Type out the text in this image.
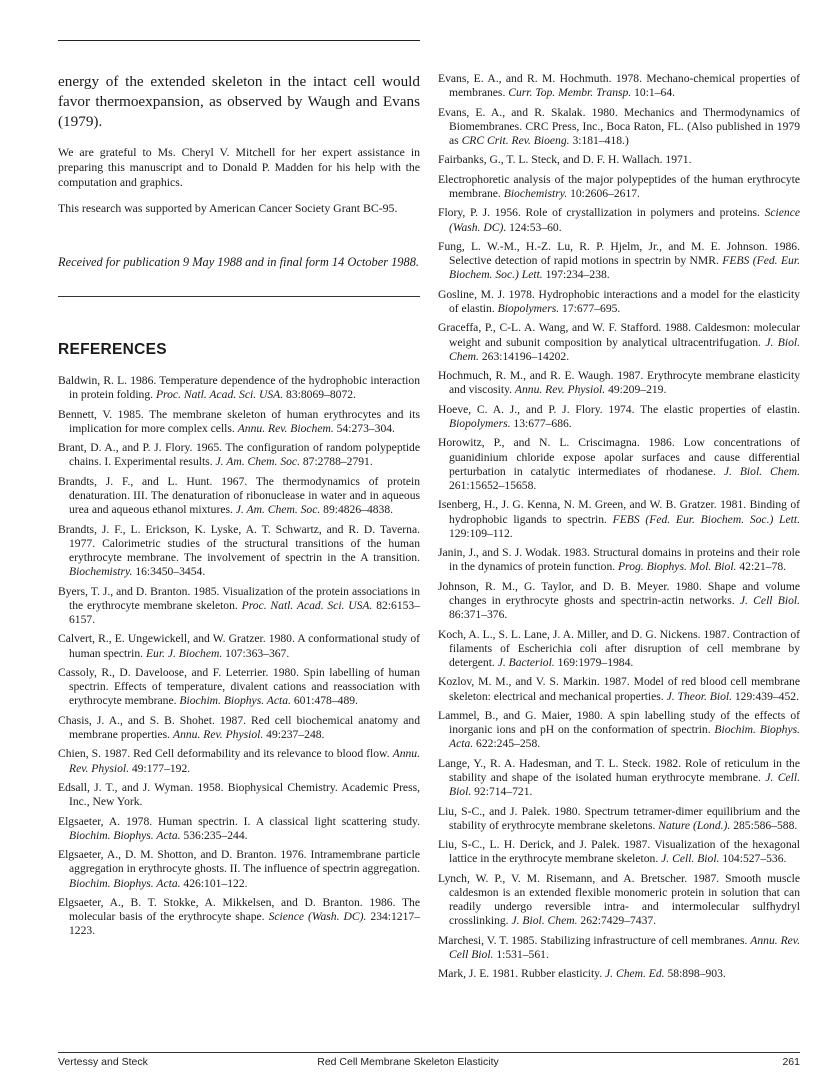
energy of the extended skeleton in the intact cell would favor thermoexpansion, as observed by Waugh and Evans (1979).

We are grateful to Ms. Cheryl V. Mitchell for her expert assistance in preparing this manuscript and to Donald P. Madden for his help with the computation and graphics.

This research was supported by American Cancer Society Grant BC-95.

Received for publication 9 May 1988 and in final form 14 October 1988.

REFERENCES
Baldwin, R. L. 1986. Temperature dependence of the hydrophobic interaction in protein folding. Proc. Natl. Acad. Sci. USA. 83:8069–8072.
Bennett, V. 1985. The membrane skeleton of human erythrocytes and its implication for more complex cells. Annu. Rev. Biochem. 54:273–304.
Brant, D. A., and P. J. Flory. 1965. The configuration of random polypeptide chains. I. Experimental results. J. Am. Chem. Soc. 87:2788–2791.
Brandts, J. F., and L. Hunt. 1967. The thermodynamics of protein denaturation. III. The denaturation of ribonuclease in water and in aqueous urea and aqueous ethanol mixtures. J. Am. Chem. Soc. 89:4826–4838.
Brandts, J. F., L. Erickson, K. Lyske, A. T. Schwartz, and R. D. Taverna. 1977. Calorimetric studies of the structural transitions of the human erythrocyte membrane. The involvement of spectrin in the A transition. Biochemistry. 16:3450–3454.
Byers, T. J., and D. Branton. 1985. Visualization of the protein associations in the erythrocyte membrane skeleton. Proc. Natl. Acad. Sci. USA. 82:6153–6157.
Calvert, R., E. Ungewickell, and W. Gratzer. 1980. A conformational study of human spectrin. Eur. J. Biochem. 107:363–367.
Cassoly, R., D. Daveloose, and F. Leterrier. 1980. Spin labelling of human spectrin. Effects of temperature, divalent cations and reassociation with erythrocyte membrane. Biochim. Biophys. Acta. 601:478–489.
Chasis, J. A., and S. B. Shohet. 1987. Red cell biochemical anatomy and membrane properties. Annu. Rev. Physiol. 49:237–248.
Chien, S. 1987. Red Cell deformability and its relevance to blood flow. Annu. Rev. Physiol. 49:177–192.
Edsall, J. T., and J. Wyman. 1958. Biophysical Chemistry. Academic Press, Inc., New York.
Elgsaeter, A. 1978. Human spectrin. I. A classical light scattering study. Biochim. Biophys. Acta. 536:235–244.
Elgsaeter, A., D. M. Shotton, and D. Branton. 1976. Intramembrane particle aggregation in erythrocyte ghosts. II. The influence of spectrin aggregation. Biochim. Biophys. Acta. 426:101–122.
Elgsaeter, A., B. T. Stokke, A. Mikkelsen, and D. Branton. 1986. The molecular basis of the erythrocyte shape. Science (Wash. DC). 234:1217–1223.
Evans, E. A., and R. M. Hochmuth. 1978. Mechano-chemical properties of membranes. Curr. Top. Membr. Transp. 10:1–64.
Evans, E. A., and R. Skalak. 1980. Mechanics and Thermodynamics of Biomembranes. CRC Press, Inc., Boca Raton, FL. (Also published in 1979 as CRC Crit. Rev. Bioeng. 3:181–418.)
Fairbanks, G., T. L. Steck, and D. F. H. Wallach. 1971.
Electrophoretic analysis of the major polypeptides of the human erythrocyte membrane. Biochemistry. 10:2606–2617.
Flory, P. J. 1956. Role of crystallization in polymers and proteins. Science (Wash. DC). 124:53–60.
Fung, L. W.-M., H.-Z. Lu, R. P. Hjelm, Jr., and M. E. Johnson. 1986. Selective detection of rapid motions in spectrin by NMR. FEBS (Fed. Eur. Biochem. Soc.) Lett. 197:234–238.
Gosline, M. J. 1978. Hydrophobic interactions and a model for the elasticity of elastin. Biopolymers. 17:677–695.
Graceffa, P., C-L. A. Wang, and W. F. Stafford. 1988. Caldesmon: molecular weight and subunit composition by analytical ultracentrifugation. J. Biol. Chem. 263:14196–14202.
Hochmuch, R. M., and R. E. Waugh. 1987. Erythrocyte membrane elasticity and viscosity. Annu. Rev. Physiol. 49:209–219.
Hoeve, C. A. J., and P. J. Flory. 1974. The elastic properties of elastin. Biopolymers. 13:677–686.
Horowitz, P., and N. L. Criscimagna. 1986. Low concentrations of guanidinium chloride expose apolar surfaces and cause differential perturbation in catalytic intermediates of rhodanese. J. Biol. Chem. 261:15652–15658.
Isenberg, H., J. G. Kenna, N. M. Green, and W. B. Gratzer. 1981. Binding of hydrophobic ligands to spectrin. FEBS (Fed. Eur. Biochem. Soc.) Lett. 129:109–112.
Janin, J., and S. J. Wodak. 1983. Structural domains in proteins and their role in the dynamics of protein function. Prog. Biophys. Mol. Biol. 42:21–78.
Johnson, R. M., G. Taylor, and D. B. Meyer. 1980. Shape and volume changes in erythrocyte ghosts and spectrin-actin networks. J. Cell Biol. 86:371–376.
Koch, A. L., S. L. Lane, J. A. Miller, and D. G. Nickens. 1987. Contraction of filaments of Escherichia coli after disruption of cell membrane by detergent. J. Bacteriol. 169:1979–1984.
Kozlov, M. M., and V. S. Markin. 1987. Model of red blood cell membrane skeleton: electrical and mechanical properties. J. Theor. Biol. 129:439–452.
Lammel, B., and G. Maier, 1980. A spin labelling study of the effects of inorganic ions and pH on the conformation of spectrin. Biochim. Biophys. Acta. 622:245–258.
Lange, Y., R. A. Hadesman, and T. L. Steck. 1982. Role of reticulum in the stability and shape of the isolated human erythrocyte membrane. J. Cell. Biol. 92:714–721.
Liu, S-C., and J. Palek. 1980. Spectrum tetramer-dimer equilibrium and the stability of erythrocyte membrane skeletons. Nature (Lond.). 285:586–588.
Liu, S-C., L. H. Derick, and J. Palek. 1987. Visualization of the hexagonal lattice in the erythrocyte membrane skeleton. J. Cell. Biol. 104:527–536.
Lynch, W. P., V. M. Risemann, and A. Bretscher. 1987. Smooth muscle caldesmon is an extended flexible monomeric protein in solution that can readily undergo reversible intra- and intermolecular sulfhydryl crosslinking. J. Biol. Chem. 262:7429–7437.
Marchesi, V. T. 1985. Stabilizing infrastructure of cell membranes. Annu. Rev. Cell Biol. 1:531–561.
Mark, J. E. 1981. Rubber elasticity. J. Chem. Ed. 58:898–903.
Vertessy and Steck	Red Cell Membrane Skeleton Elasticity	261
